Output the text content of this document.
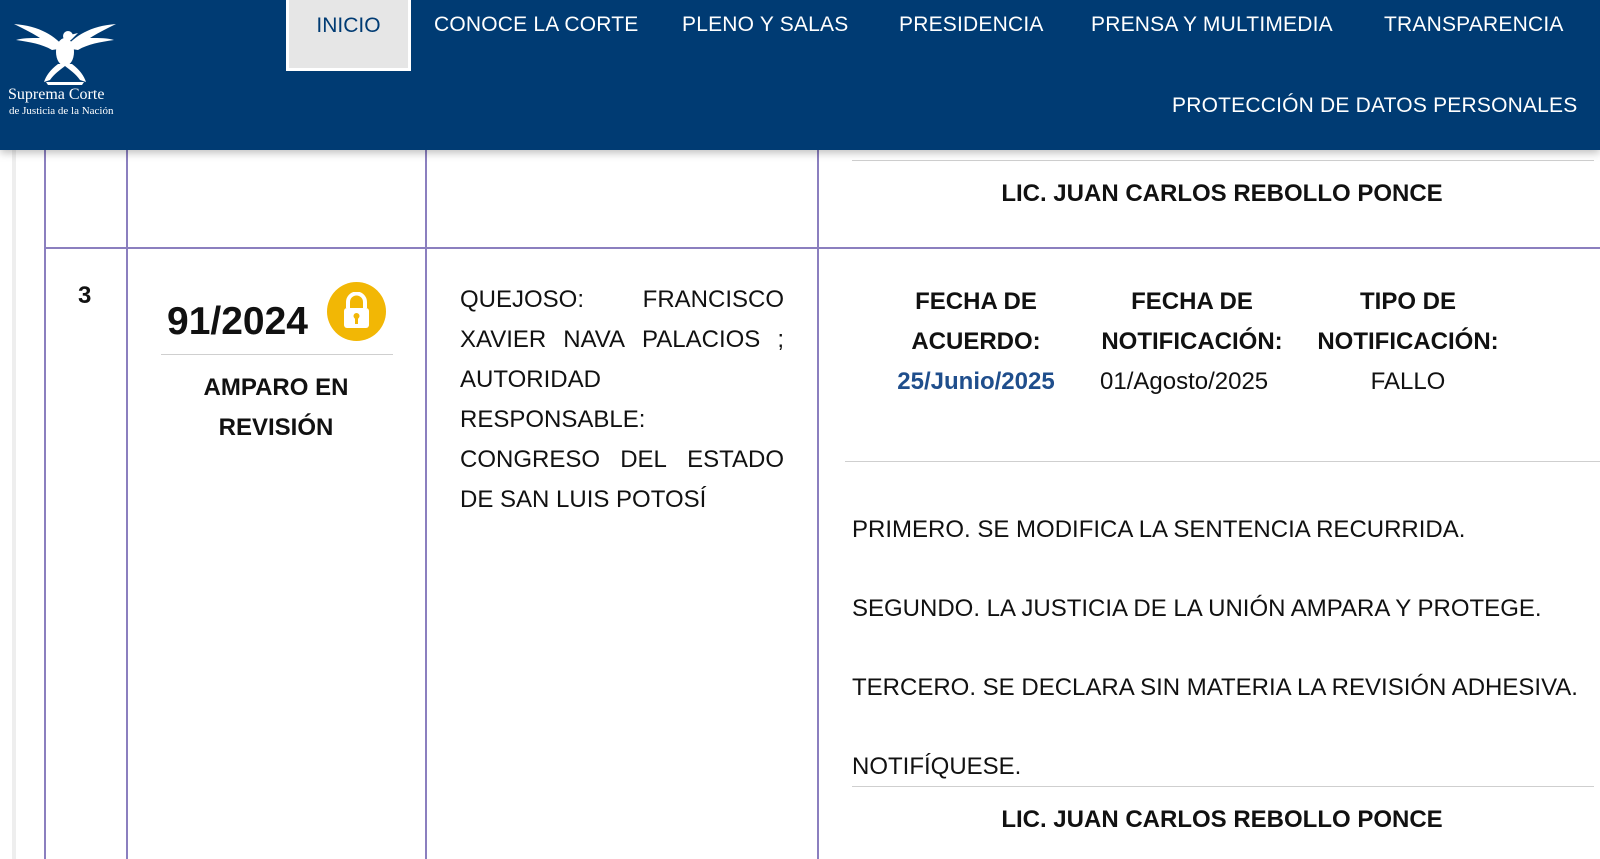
Suprema Corte
de Justicia de la Nación
INICIO	CONOCE LA CORTE PLENO Y SALAS PRESIDENCIA PRENSA Y MULTIMEDIA TRANSPARENCIA
PROTECCIÓN DE DATOS PERSONALES
LIC. JUAN CARLOS REBOLLO PONCE
3
91/2024
AMPARO EN
REVISIÓN
QUEJOSO: FRANCISCO
XAVIER NAVA PALACIOS ;
AUTORIDAD
RESPONSABLE:
CONGRESO DEL ESTADO
DE SAN LUIS POTOSÍ
FECHA DE
ACUERDO:
25/Junio/2025
FECHA DE
NOTIFICACIÓN:
01/Agosto/2025
TIPO DE
NOTIFICACIÓN:
FALLO
PRIMERO. SE MODIFICA LA SENTENCIA RECURRIDA.
SEGUNDO. LA JUSTICIA DE LA UNIÓN AMPARA Y PROTEGE.
TERCERO. SE DECLARA SIN MATERIA LA REVISIÓN ADHESIVA.
NOTIFÍQUESE.
LIC. JUAN CARLOS REBOLLO PONCE
